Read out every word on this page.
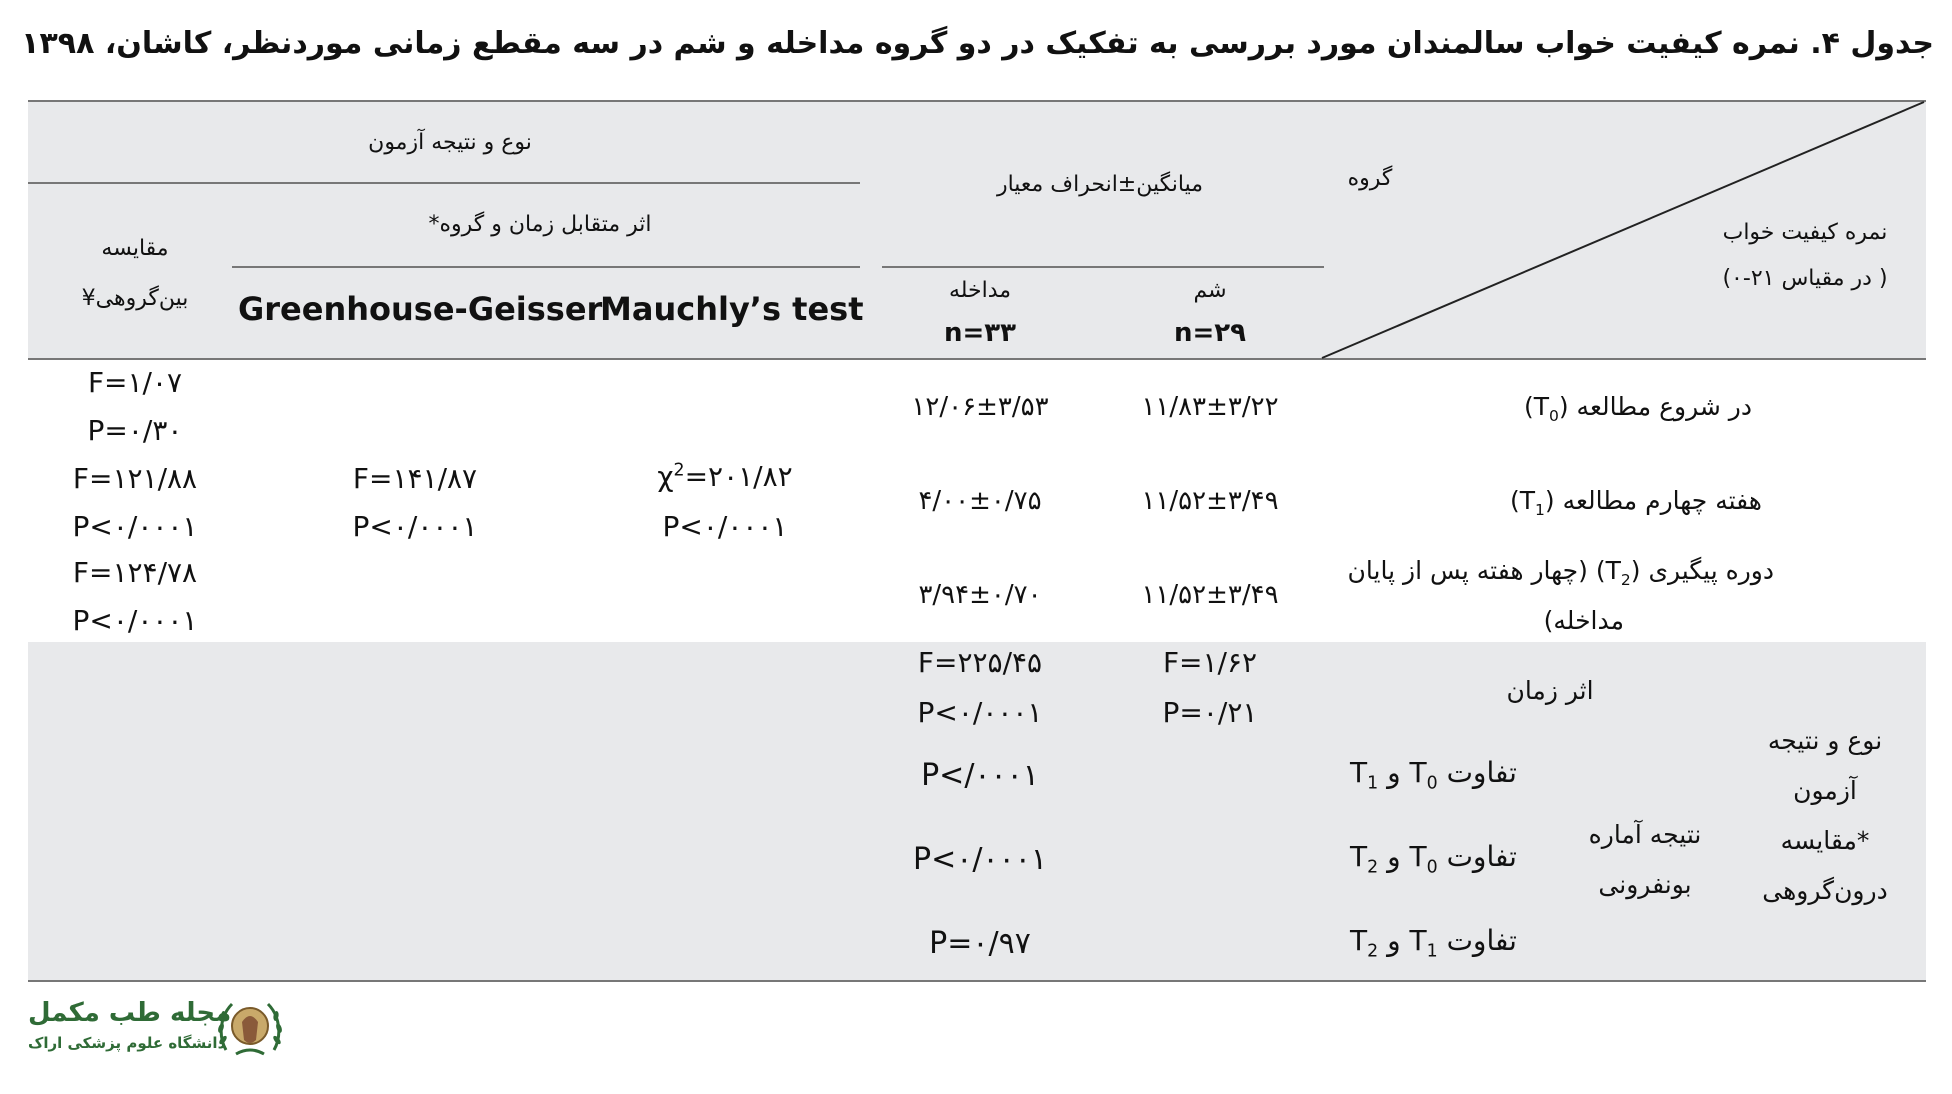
جدول ۴. نمره کیفیت خواب سالمندان مورد بررسی به تفکیک در دو گروه مداخله و شم در سه مقطع زمانی موردنظر، کاشان، ۱۳۹۸
گروه
نمره کیفیت خواب
( در مقیاس ۲۱-۰)
میانگین±انحراف معیار
شم
n=۲۹
مداخله
n=۳۳
نوع و نتیجه آزمون
اثر متقابل زمان و گروه*
Mauchly’s test
Greenhouse-Geisser
مقایسه
بین‌گروهی¥
در شروع مطالعه $(T_0)$
هفته چهارم مطالعه $(T_1)$
دوره پیگیری $(T_2)$ (چهار هفته پس از پایان
مداخله)
۱۱/۸۳±۳/۲۲
۱۱/۵۲±۳/۴۹
۱۱/۵۲±۳/۴۹
۱۲/۰۶±۳/۵۳
۴/۰۰±۰/۷۵
۳/۹۴±۰/۷۰
$\chi^2=۲۰۱/۸۲$
P<۰/۰۰۰۱
F=۱۴۱/۸۷
P<۰/۰۰۰۱
F=۱/۰۷
P=۰/۳۰
F=۱۲۱/۸۸
P<۰/۰۰۰۱
F=۱۲۴/۷۸
P<۰/۰۰۰۱
نوع و نتیجه
آزمون
*مقایسه
درون‌گروهی
اثر زمان
F=۱/۶۲
P=۰/۲۱
F=۲۲۵/۴۵
P<۰/۰۰۰۱
نتیجه آماره
بونفرونی
تفاوت $T_0$ و $T_1$
تفاوت $T_0$ و $T_2$
تفاوت $T_1$ و $T_2$
P</۰۰۰۱
P<۰/۰۰۰۱
P=۰/۹۷
مجله طب مکمل
دانشگاه علوم پزشکی اراک
